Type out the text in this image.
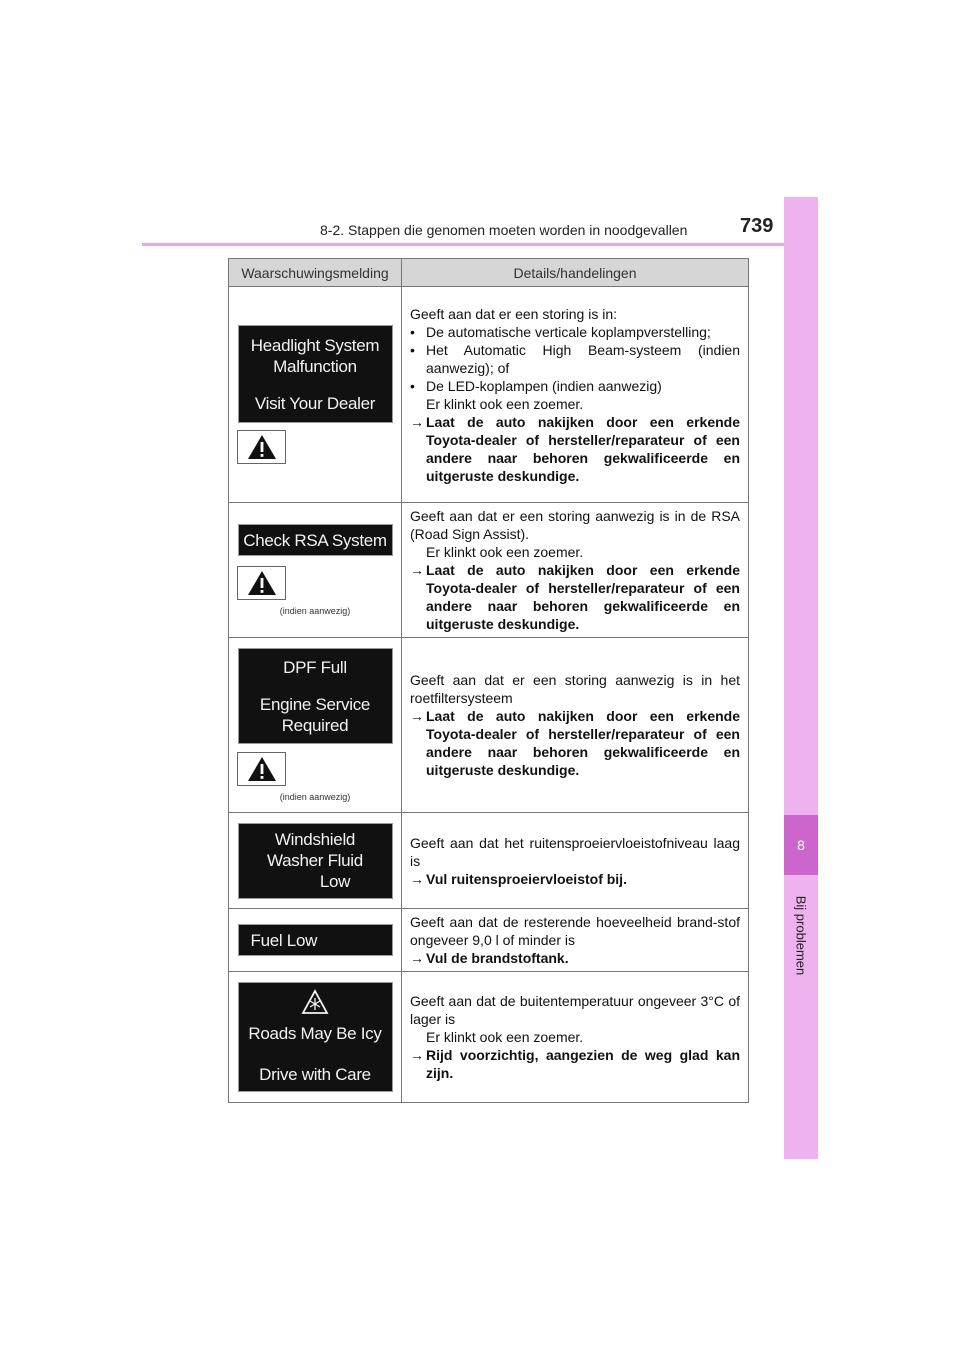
8-2. Stappen die genomen moeten worden in noodgevallen	739
8
Bij problemen
Waarschuwingsmelding	Details/handelingen
Headlight System
Malfunction
Visit Your Dealer
Geeft aan dat er een storing is in:
• De automatische verticale koplampverstelling;
• Het Automatic High Beam-systeem (indien aanwezig); of
• De LED-koplampen (indien aanwezig)
Er klinkt ook een zoemer.
→ Laat de auto nakijken door een erkende Toyota-dealer of hersteller/reparateur of een andere naar behoren gekwalificeerde en uitgeruste deskundige.
Check RSA System
(indien aanwezig)
Geeft aan dat er een storing aanwezig is in de RSA (Road Sign Assist).
Er klinkt ook een zoemer.
→ Laat de auto nakijken door een erkende Toyota-dealer of hersteller/reparateur of een andere naar behoren gekwalificeerde en uitgeruste deskundige.
DPF Full
Engine Service
Required
(indien aanwezig)
Geeft aan dat er een storing aanwezig is in het roetfiltersysteem
→ Laat de auto nakijken door een erkende Toyota-dealer of hersteller/reparateur of een andere naar behoren gekwalificeerde en uitgeruste deskundige.
Windshield
Washer Fluid
Low
Geeft aan dat het ruitensproeiervloeistofniveau laag is
→ Vul ruitensproeiervloeistof bij.
Fuel Low
Geeft aan dat de resterende hoeveelheid brand-stof ongeveer 9,0 l of minder is
→ Vul de brandstoftank.
Roads May Be Icy
Drive with Care
Geeft aan dat de buitentemperatuur ongeveer 3°C of lager is
Er klinkt ook een zoemer.
→ Rijd voorzichtig, aangezien de weg glad kan zijn.
